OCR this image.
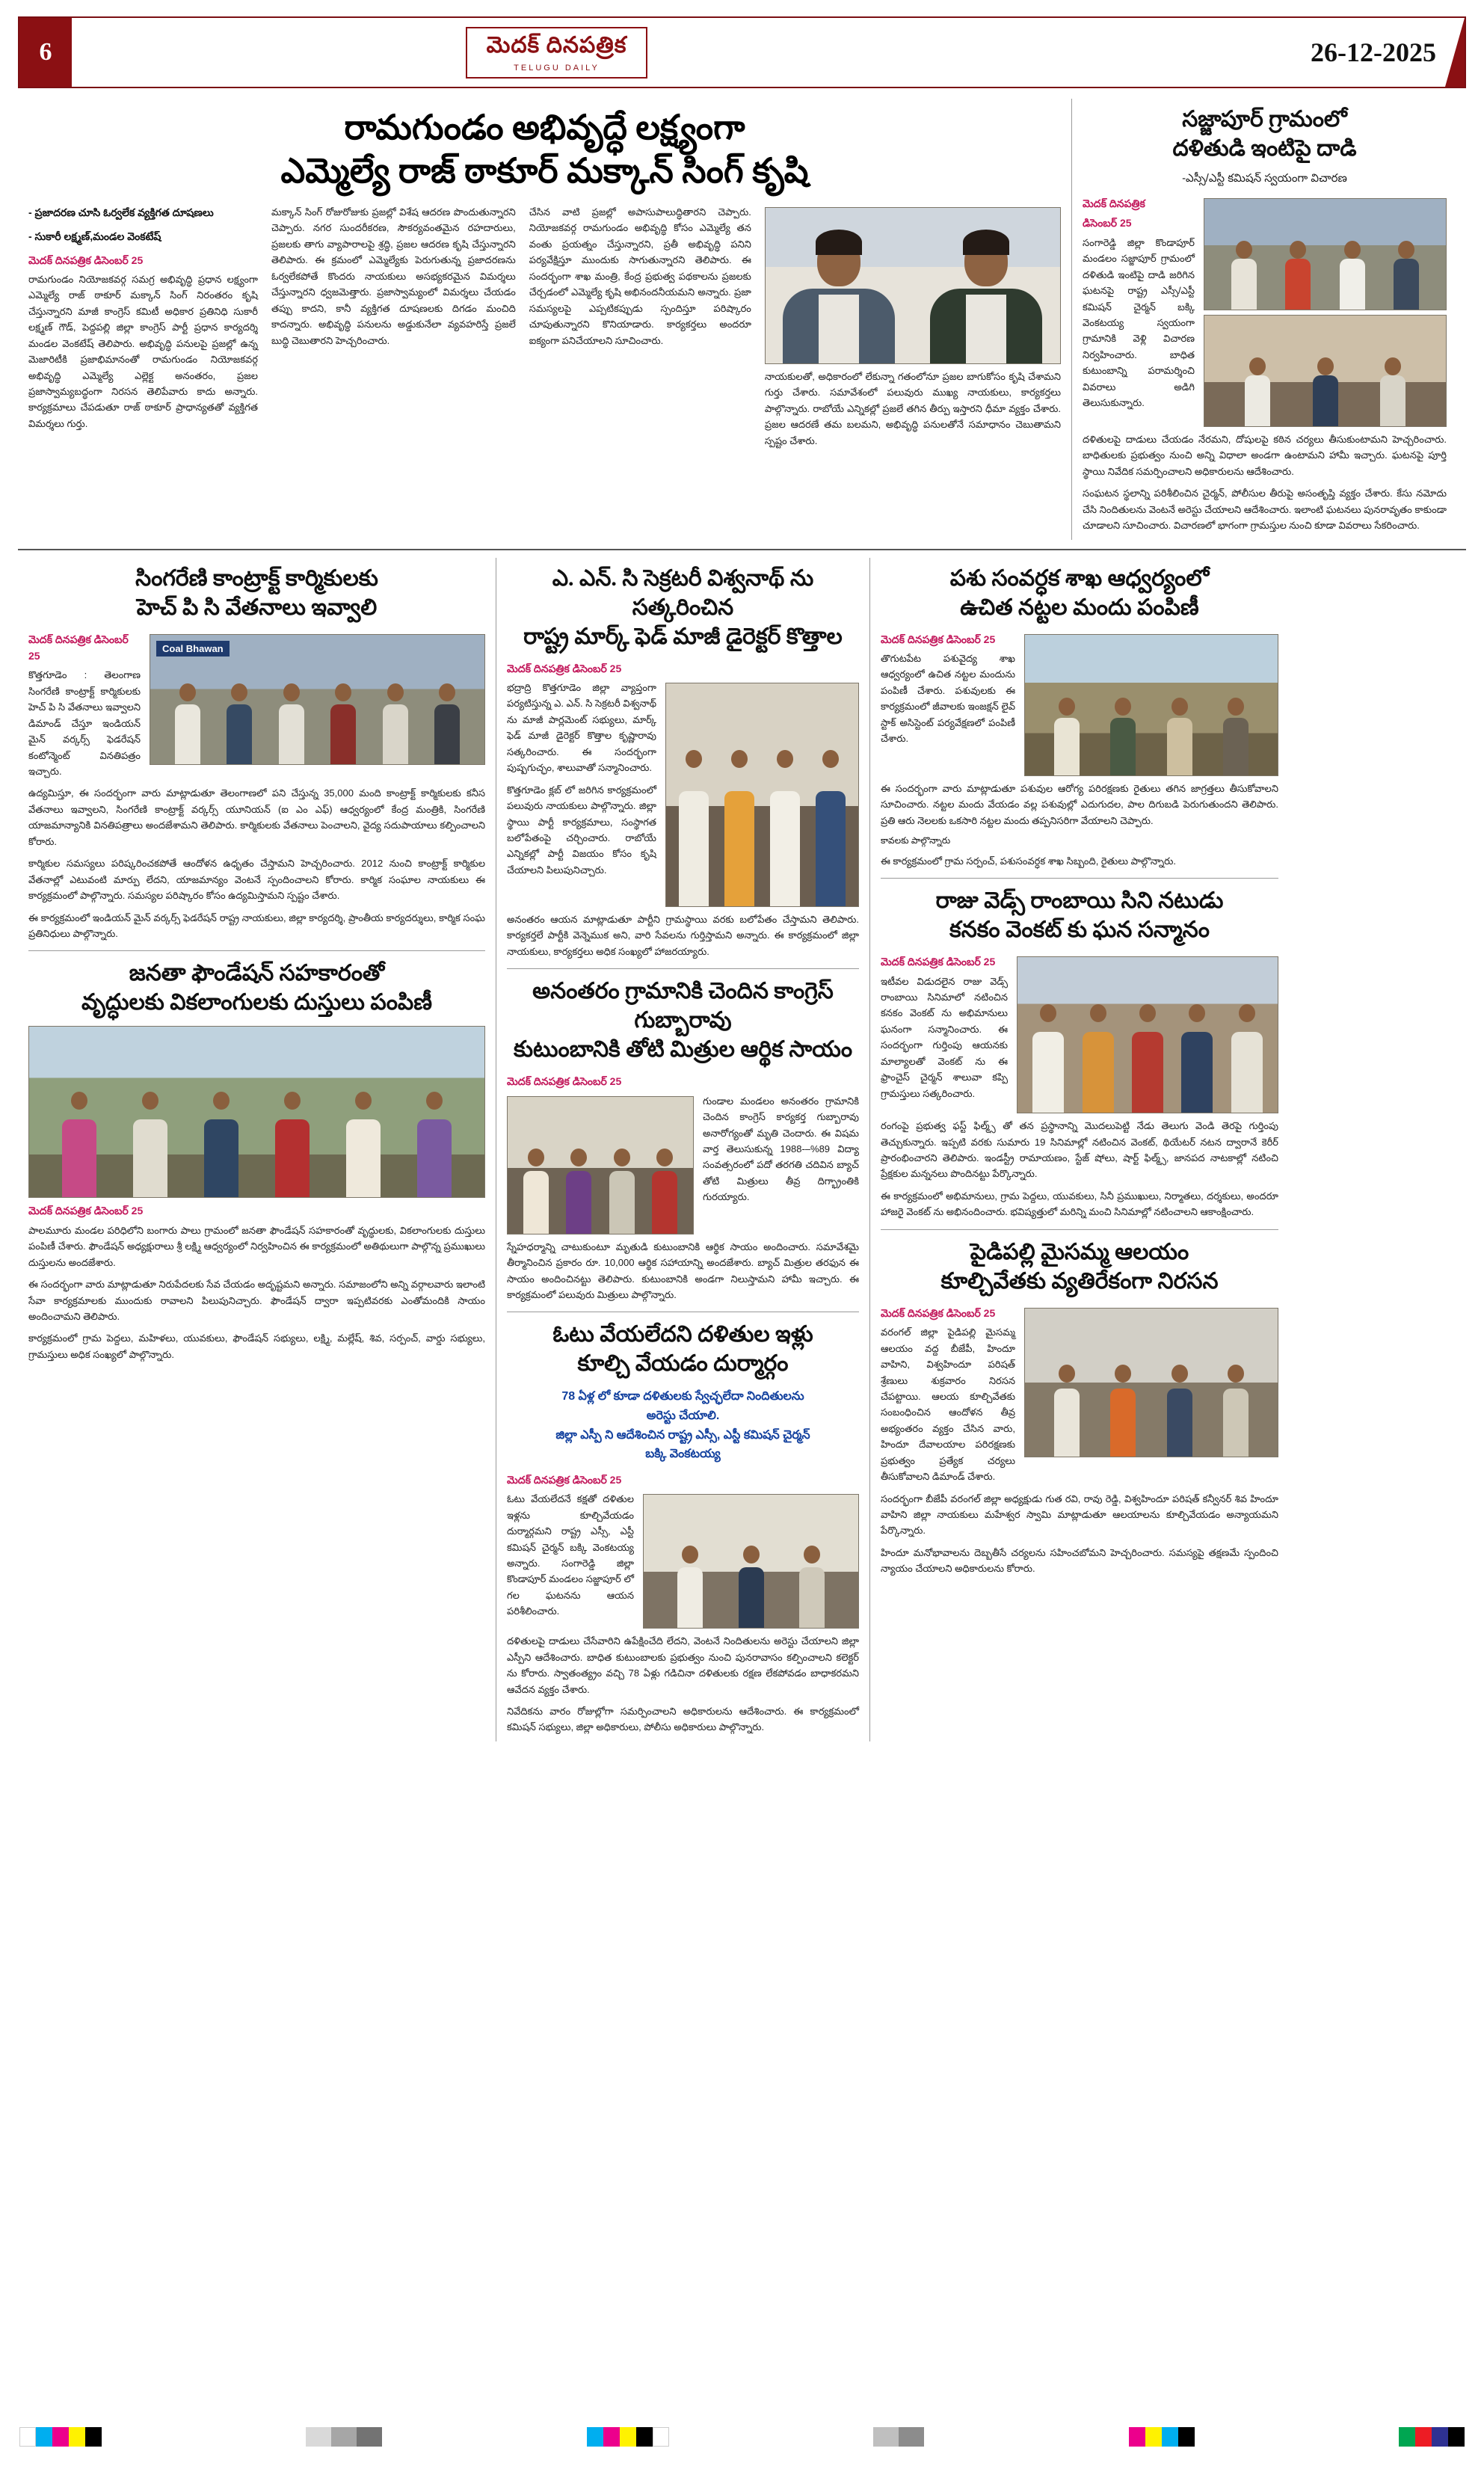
6	మెదక్ దినపత్రిక
TELUGU DAILY
26-12-2025
రామగుండం అభివృద్ధే లక్ష్యంగా
ఎమ్మెల్యే రాజ్ ఠాకూర్ మక్కాన్ సింగ్ కృషి
- ప్రజాదరణ చూసి ఓర్వలేక వ్యక్తిగత దూషణలు
- సుకారీ లక్ష్మణ్,మండల వెంకటేష్
మెదక్ దినపత్రిక డిసెంబర్ 25

రామగుండం నియోజకవర్గ సమగ్ర అభివృద్ధి ప్రధాన లక్ష్యంగా ఎమ్మెల్యే రాజ్ ఠాకూర్ మక్కాన్ సింగ్ నిరంతరం కృషి చేస్తున్నారని మాజీ కాంగ్రెస్ కమిటీ అధికార ప్రతినిధి సుకారీ లక్ష్మణ్ గౌడ్, పెద్దపల్లి జిల్లా కాంగ్రెస్ పార్టీ ప్రధాన కార్యదర్శి మండల వెంకటేష్ తెలిపారు. అభివృద్ధి పనులపై ప్రజల్లో ఉన్న మెజారిటీకి ప్రజాభిమానంతో రామగుండం నియోజకవర్గ అభివృద్ధి ఎమ్మెల్యే ఎల్లెక్ట అనంతరం, ప్రజల ప్రజాస్వామ్యబద్ధంగా నిరసన తెలిపేవారు కాదు అన్నారు. కార్యక్రమాలు చేపడుతూ రాజ్ ఠాకూర్ ప్రాధాన్యతతో వ్యక్తిగత విమర్శలు గుర్తు.

మక్కాన్ సింగ్ రోజురోజుకు ప్రజల్లో విశేష ఆదరణ పొందుతున్నారని చెప్పారు. నగర సుందరీకరణ, సౌకర్యవంతమైన రహదారులు, ప్రజలకు తాగు వ్యాపారాలపై శ్రద్ధి, ప్రజల ఆదరణ కృషి చేస్తున్నారని తెలిపారు. ఈ క్రమంలో ఎమ్మెల్యేకు పెరుగుతున్న ప్రజాదరణను ఓర్వలేకపోతే కొందరు నాయకులు అసభ్యకరమైన విమర్శలు చేస్తున్నారని ధ్వజమెత్తారు. ప్రజాస్వామ్యంలో విమర్శలు చేయడం తప్పు కాదని, కానీ వ్యక్తిగత దూషణలకు దిగడం మంచిది కాదన్నారు. అభివృద్ధి పనులను అడ్డుకునేలా వ్యవహరిస్తే ప్రజలే బుద్ధి చెబుతారని హెచ్చరించారు.

చేసిన వాటి ప్రజల్లో అపాసుపాలుద్ధితారని చెప్పారు. నియోజకవర్గ రామగుండం అభివృద్ధి కోసం ఎమ్మెల్యే తన వంతు ప్రయత్నం చేస్తున్నారని, ప్రతీ అభివృద్ధి పనిని పర్యవేక్షిస్తూ ముందుకు సాగుతున్నారని తెలిపారు. ఈ సందర్భంగా శాఖ మంత్రి, కేంద్ర ప్రభుత్వ పథకాలను ప్రజలకు చేర్చడంలో ఎమ్మెల్యే కృషి అభినందనీయమని అన్నారు. ప్రజా సమస్యలపై ఎప్పటికప్పుడు స్పందిస్తూ పరిష్కారం చూపుతున్నారని కొనియాడారు. కార్యకర్తలు అందరూ ఐక్యంగా పనిచేయాలని సూచించారు.

నాయకులతో, అధికారంలో లేకున్నా గతంలోనూ ప్రజల బాగుకోసం కృషి చేశామని గుర్తు చేశారు. సమావేశంలో పలువురు ముఖ్య నాయకులు, కార్యకర్తలు పాల్గొన్నారు. రాబోయే ఎన్నికల్లో ప్రజలే తగిన తీర్పు ఇస్తారని ధీమా వ్యక్తం చేశారు. ప్రజల ఆదరణే తమ బలమని, అభివృద్ధి పనులతోనే సమాధానం చెబుతామని స్పష్టం చేశారు.

సజ్జాపూర్ గ్రామంలో
దళితుడి ఇంటిపై దాడి
-ఎస్సీ/ఎస్టీ కమిషన్ స్వయంగా విచారణ
మెదక్ దినపత్రిక
డిసెంబర్ 25

సంగారెడ్డి జిల్లా కొండాపూర్ మండలం సజ్జాపూర్ గ్రామంలో దళితుడి ఇంటిపై దాడి జరిగిన ఘటనపై రాష్ట్ర ఎస్సీ/ఎస్టీ కమిషన్ చైర్మన్ బక్కి వెంకటయ్య స్వయంగా గ్రామానికి వెళ్లి విచారణ నిర్వహించారు. బాధిత కుటుంబాన్ని పరామర్శించి వివరాలు అడిగి తెలుసుకున్నారు.

దళితులపై దాడులు చేయడం నేరమని, దోషులపై కఠిన చర్యలు తీసుకుంటామని హెచ్చరించారు. బాధితులకు ప్రభుత్వం నుంచి అన్ని విధాలా అండగా ఉంటామని హామీ ఇచ్చారు. ఘటనపై పూర్తి స్థాయి నివేదిక సమర్పించాలని అధికారులను ఆదేశించారు.

సంఘటన స్థలాన్ని పరిశీలించిన చైర్మన్, పోలీసుల తీరుపై అసంతృప్తి వ్యక్తం చేశారు. కేసు నమోదు చేసి నిందితులను వెంటనే అరెస్టు చేయాలని ఆదేశించారు. ఇలాంటి ఘటనలు పునరావృతం కాకుండా చూడాలని సూచించారు. విచారణలో భాగంగా గ్రామస్తుల నుంచి కూడా వివరాలు సేకరించారు.

సింగరేణి కాంట్రాక్ట్ కార్మికులకు
హెచ్ పి సి వేతనాలు ఇవ్వాలి
మెదక్ దినపత్రిక డిసెంబర్ 25

కొత్తగూడెం : తెలంగాణ సింగరేణి కాంట్రాక్ట్ కార్మికులకు హెచ్ పి సి వేతనాలు ఇవ్వాలని డిమాండ్ చేస్తూ ఇండియన్ మైన్ వర్కర్స్ ఫెడరేషన్ కంటోన్మెంట్ వినతిపత్రం ఇచ్చారు.

Coal Bhawan

ఉద్యమిస్తూ, ఈ సందర్భంగా వారు మాట్లాడుతూ తెలంగాణలో పని చేస్తున్న 35,000 మంది కాంట్రాక్ట్ కార్మికులకు కనీస వేతనాలు ఇవ్వాలని, సింగరేణి కాంట్రాక్ట్ వర్కర్స్ యూనియన్ (ఐ ఎం ఎఫ్) ఆధ్వర్యంలో కేంద్ర మంత్రికి, సింగరేణి యాజమాన్యానికి వినతిపత్రాలు అందజేశామని తెలిపారు. కార్మికులకు వేతనాలు పెంచాలని, వైద్య సదుపాయాలు కల్పించాలని కోరారు.

కార్మికుల సమస్యలు పరిష్కరించకపోతే ఆందోళన ఉధృతం చేస్తామని హెచ్చరించారు. 2012 నుంచి కాంట్రాక్ట్ కార్మికుల వేతనాల్లో ఎటువంటి మార్పు లేదని, యాజమాన్యం వెంటనే స్పందించాలని కోరారు. కార్మిక సంఘాల నాయకులు ఈ కార్యక్రమంలో పాల్గొన్నారు. సమస్యల పరిష్కారం కోసం ఉద్యమిస్తామని స్పష్టం చేశారు.

ఈ కార్యక్రమంలో ఇండియన్ మైన్ వర్కర్స్ ఫెడరేషన్ రాష్ట్ర నాయకులు, జిల్లా కార్యదర్శి, ప్రాంతీయ కార్యదర్శులు, కార్మిక సంఘ ప్రతినిధులు పాల్గొన్నారు.

జనతా ఫౌండేషన్ సహకారంతో
వృద్ధులకు వికలాంగులకు దుస్తులు పంపిణీ
మెదక్ దినపత్రిక డిసెంబర్ 25

పాలమూరు మండల పరిధిలోని బంగారు పాలు గ్రామంలో జనతా ఫౌండేషన్ సహకారంతో వృద్ధులకు, వికలాంగులకు దుస్తులు పంపిణీ చేశారు. ఫౌండేషన్ అధ్యక్షురాలు శ్రీ లక్ష్మి ఆధ్వర్యంలో నిర్వహించిన ఈ కార్యక్రమంలో అతిథులుగా పాల్గొన్న ప్రముఖులు దుస్తులను అందజేశారు.

ఈ సందర్భంగా వారు మాట్లాడుతూ నిరుపేదలకు సేవ చేయడం అదృష్టమని అన్నారు. సమాజంలోని అన్ని వర్గాలవారు ఇలాంటి సేవా కార్యక్రమాలకు ముందుకు రావాలని పిలుపునిచ్చారు. ఫౌండేషన్ ద్వారా ఇప్పటివరకు ఎంతోమందికి సాయం అందించామని తెలిపారు.

కార్యక్రమంలో గ్రామ పెద్దలు, మహిళలు, యువకులు, ఫౌండేషన్ సభ్యులు, లక్ష్మి, మల్లేష్, శివ, సర్పంచ్, వార్డు సభ్యులు, గ్రామస్తులు అధిక సంఖ్యలో పాల్గొన్నారు.

ఎ. ఎన్. సి సెక్రటరీ విశ్వనాథ్ ను సత్కరించిన
రాష్ట్ర మార్క్ ఫెడ్ మాజీ డైరెక్టర్ కొత్తాల
మెదక్ దినపత్రిక డిసెంబర్ 25

భద్రాద్రి కొత్తగూడెం జిల్లా వ్యాప్తంగా పర్యటిస్తున్న ఎ. ఎన్. సి సెక్రటరీ విశ్వనాథ్ ను మాజీ పార్లమెంట్ సభ్యులు, మార్క్ ఫెడ్ మాజీ డైరెక్టర్ కొత్తాల కృష్ణారావు సత్కరించారు. ఈ సందర్భంగా పుష్పగుచ్ఛం, శాలువాతో సన్మానించారు.

కొత్తగూడెం క్లబ్ లో జరిగిన కార్యక్రమంలో పలువురు నాయకులు పాల్గొన్నారు. జిల్లా స్థాయి పార్టీ కార్యక్రమాలు, సంస్థాగత బలోపేతంపై చర్చించారు. రాబోయే ఎన్నికల్లో పార్టీ విజయం కోసం కృషి చేయాలని పిలుపునిచ్చారు.

అనంతరం ఆయన మాట్లాడుతూ పార్టీని గ్రామస్థాయి వరకు బలోపేతం చేస్తామని తెలిపారు. కార్యకర్తలే పార్టీకి వెన్నెముక అని, వారి సేవలను గుర్తిస్తామని అన్నారు. ఈ కార్యక్రమంలో జిల్లా నాయకులు, కార్యకర్తలు అధిక సంఖ్యలో హాజరయ్యారు.

అనంతరం గ్రామానికి చెందిన కాంగ్రెస్ గుబ్బారావు
కుటుంబానికి తోటి మిత్రుల ఆర్థిక సాయం
మెదక్ దినపత్రిక డిసెంబర్ 25

గుండాల మండలం అనంతరం గ్రామానికి చెందిన కాంగ్రెస్ కార్యకర్త గుబ్బారావు అనారోగ్యంతో మృతి చెందారు. ఈ విషమ వార్త తెలుసుకున్న 1988-–%89 విద్యా సంవత్సరంలో పదో తరగతి చదివిన బ్యాచ్ తోటి మిత్రులు తీవ్ర దిగ్భ్రాంతికి గురయ్యారు.

స్నేహధర్మాన్ని చాటుకుంటూ మృతుడి కుటుంబానికి ఆర్థిక సాయం అందించారు. సమావేశమై తీర్మానించిన ప్రకారం రూ. 10,000 ఆర్థిక సహాయాన్ని అందజేశారు. బ్యాచ్ మిత్రుల తరఫున ఈ సాయం అందించినట్టు తెలిపారు. కుటుంబానికి అండగా నిలుస్తామని హామీ ఇచ్చారు. ఈ కార్యక్రమంలో పలువురు మిత్రులు పాల్గొన్నారు.

ఓటు వేయలేదని దళితుల ఇళ్లు
కూల్చి వేయడం దుర్మార్గం
78 ఏళ్ల లో కూడా దళితులకు స్వేచ్ఛలేదా నిందితులను
అరెస్టు చేయాలి.
జిల్లా ఎస్పీ ని ఆదేశించిన రాష్ట్ర ఎస్సీ, ఎస్టీ కమిషన్ చైర్మన్
బక్కి వెంకటయ్య
మెదక్ దినపత్రిక డిసెంబర్ 25

ఓటు వేయలేదనే కక్షతో దళితుల ఇళ్లను కూల్చివేయడం దుర్మార్గమని రాష్ట్ర ఎస్సీ, ఎస్టీ కమిషన్ చైర్మన్ బక్కి వెంకటయ్య అన్నారు. సంగారెడ్డి జిల్లా కొండాపూర్ మండలం సజ్జాపూర్ లో గల ఘటనను ఆయన పరిశీలించారు.

దళితులపై దాడులు చేసేవారిని ఉపేక్షించేది లేదని, వెంటనే నిందితులను అరెస్టు చేయాలని జిల్లా ఎస్పీని ఆదేశించారు. బాధిత కుటుంబాలకు ప్రభుత్వం నుంచి పునరావాసం కల్పించాలని కలెక్టర్ ను కోరారు. స్వాతంత్య్రం వచ్చి 78 ఏళ్లు గడిచినా దళితులకు రక్షణ లేకపోవడం బాధాకరమని ఆవేదన వ్యక్తం చేశారు.

నివేదికను వారం రోజుల్లోగా సమర్పించాలని అధికారులను ఆదేశించారు. ఈ కార్యక్రమంలో కమిషన్ సభ్యులు, జిల్లా అధికారులు, పోలీసు అధికారులు పాల్గొన్నారు.

పశు సంవర్ధక శాఖ ఆధ్వర్యంలో
ఉచిత నట్టల మందు పంపిణీ
మెదక్ దినపత్రిక డిసెంబర్ 25

తొగుటపేట పశువైద్య శాఖ ఆధ్వర్యంలో ఉచిత నట్టల మందును పంపిణీ చేశారు. పశువులకు ఈ కార్యక్రమంలో జీవాలకు ఇంజక్షన్ లైవ్ స్టాక్ అసిస్టెంట్ పర్యవేక్షణలో పంపిణీ చేశారు.

ఈ సందర్భంగా వారు మాట్లాడుతూ పశువుల ఆరోగ్య పరిరక్షణకు రైతులు తగిన జాగ్రత్తలు తీసుకోవాలని సూచించారు. నట్టల మందు వేయడం వల్ల పశువుల్లో ఎదుగుదల, పాల దిగుబడి పెరుగుతుందని తెలిపారు. ప్రతి ఆరు నెలలకు ఒకసారి నట్టల మందు తప్పనిసరిగా వేయాలని చెప్పారు.

కావలకు పాల్గొన్నారు

ఈ కార్యక్రమంలో గ్రామ సర్పంచ్, పశుసంవర్ధక శాఖ సిబ్బంది, రైతులు పాల్గొన్నారు.

రాజు వెడ్స్ రాంబాయి సిని నటుడు
కనకం వెంకట్ కు ఘన సన్మానం
మెదక్ దినపత్రిక డిసెంబర్ 25

ఇటీవల విడుదలైన రాజు వెడ్స్ రాంబాయి సినిమాలో నటించిన కనకం వెంకట్ ను అభిమానులు ఘనంగా సన్మానించారు. ఈ సందర్భంగా గుర్తింపు ఆయనకు మాల్యాలతో వెంకట్ ను ఈ ఫ్రాంచైస్ చైర్మన్ శాలువా కప్పి గ్రామస్తులు సత్కరించారు.

రంగంపై ప్రభుత్వ ఫస్ట్ ఫిల్మ్స్ తో తన ప్రస్థానాన్ని మొదలుపెట్టి నేడు తెలుగు వెండి తెరపై గుర్తింపు తెచ్చుకున్నారు. ఇప్పటి వరకు సుమారు 19 సినిమాల్లో నటించిన వెంకట్, థియేటర్ నటన ద్వారానే కెరీర్ ప్రారంభించారని తెలిపారు. ఇండస్ట్రీ రామాయణం, స్టేజ్ షోలు, షార్ట్ ఫిల్మ్స్, జానపద నాటకాల్లో నటించి ప్రేక్షకుల మన్ననలు పొందినట్టు పేర్కొన్నారు.

ఈ కార్యక్రమంలో అభిమానులు, గ్రామ పెద్దలు, యువకులు, సినీ ప్రముఖులు, నిర్మాతలు, దర్శకులు, అందరూ హాజరై వెంకట్ ను అభినందించారు. భవిష్యత్తులో మరిన్ని మంచి సినిమాల్లో నటించాలని ఆకాంక్షించారు.

పైడిపల్లి మైసమ్మ ఆలయం
కూల్చివేతకు వ్యతిరేకంగా నిరసన
మెదక్ దినపత్రిక డిసెంబర్ 25

వరంగల్ జిల్లా పైడిపల్లి మైసమ్మ ఆలయం వద్ద బీజేపీ, హిందూ వాహిని, విశ్వహిందూ పరిషత్ శ్రేణులు శుక్రవారం నిరసన చేపట్టాయి. ఆలయ కూల్చివేతకు సంబంధించిన ఆందోళన తీవ్ర అభ్యంతరం వ్యక్తం చేసిన వారు, హిందూ దేవాలయాల పరిరక్షణకు ప్రభుత్వం ప్రత్యేక చర్యలు తీసుకోవాలని డిమాండ్ చేశారు.

సందర్భంగా బీజేపీ వరంగల్ జిల్లా అధ్యక్షుడు గుత రవి, రావు రెడ్డి, విశ్వహిందూ పరిషత్ కన్వీనర్ శివ హిందూ వాహిని జిల్లా నాయకులు మహేశ్వర స్వామి మాట్లాడుతూ ఆలయాలను కూల్చివేయడం అన్యాయమని పేర్కొన్నారు.

హిందూ మనోభావాలను దెబ్బతీసే చర్యలను సహించబోమని హెచ్చరించారు. సమస్యపై తక్షణమే స్పందించి న్యాయం చేయాలని అధికారులను కోరారు.
